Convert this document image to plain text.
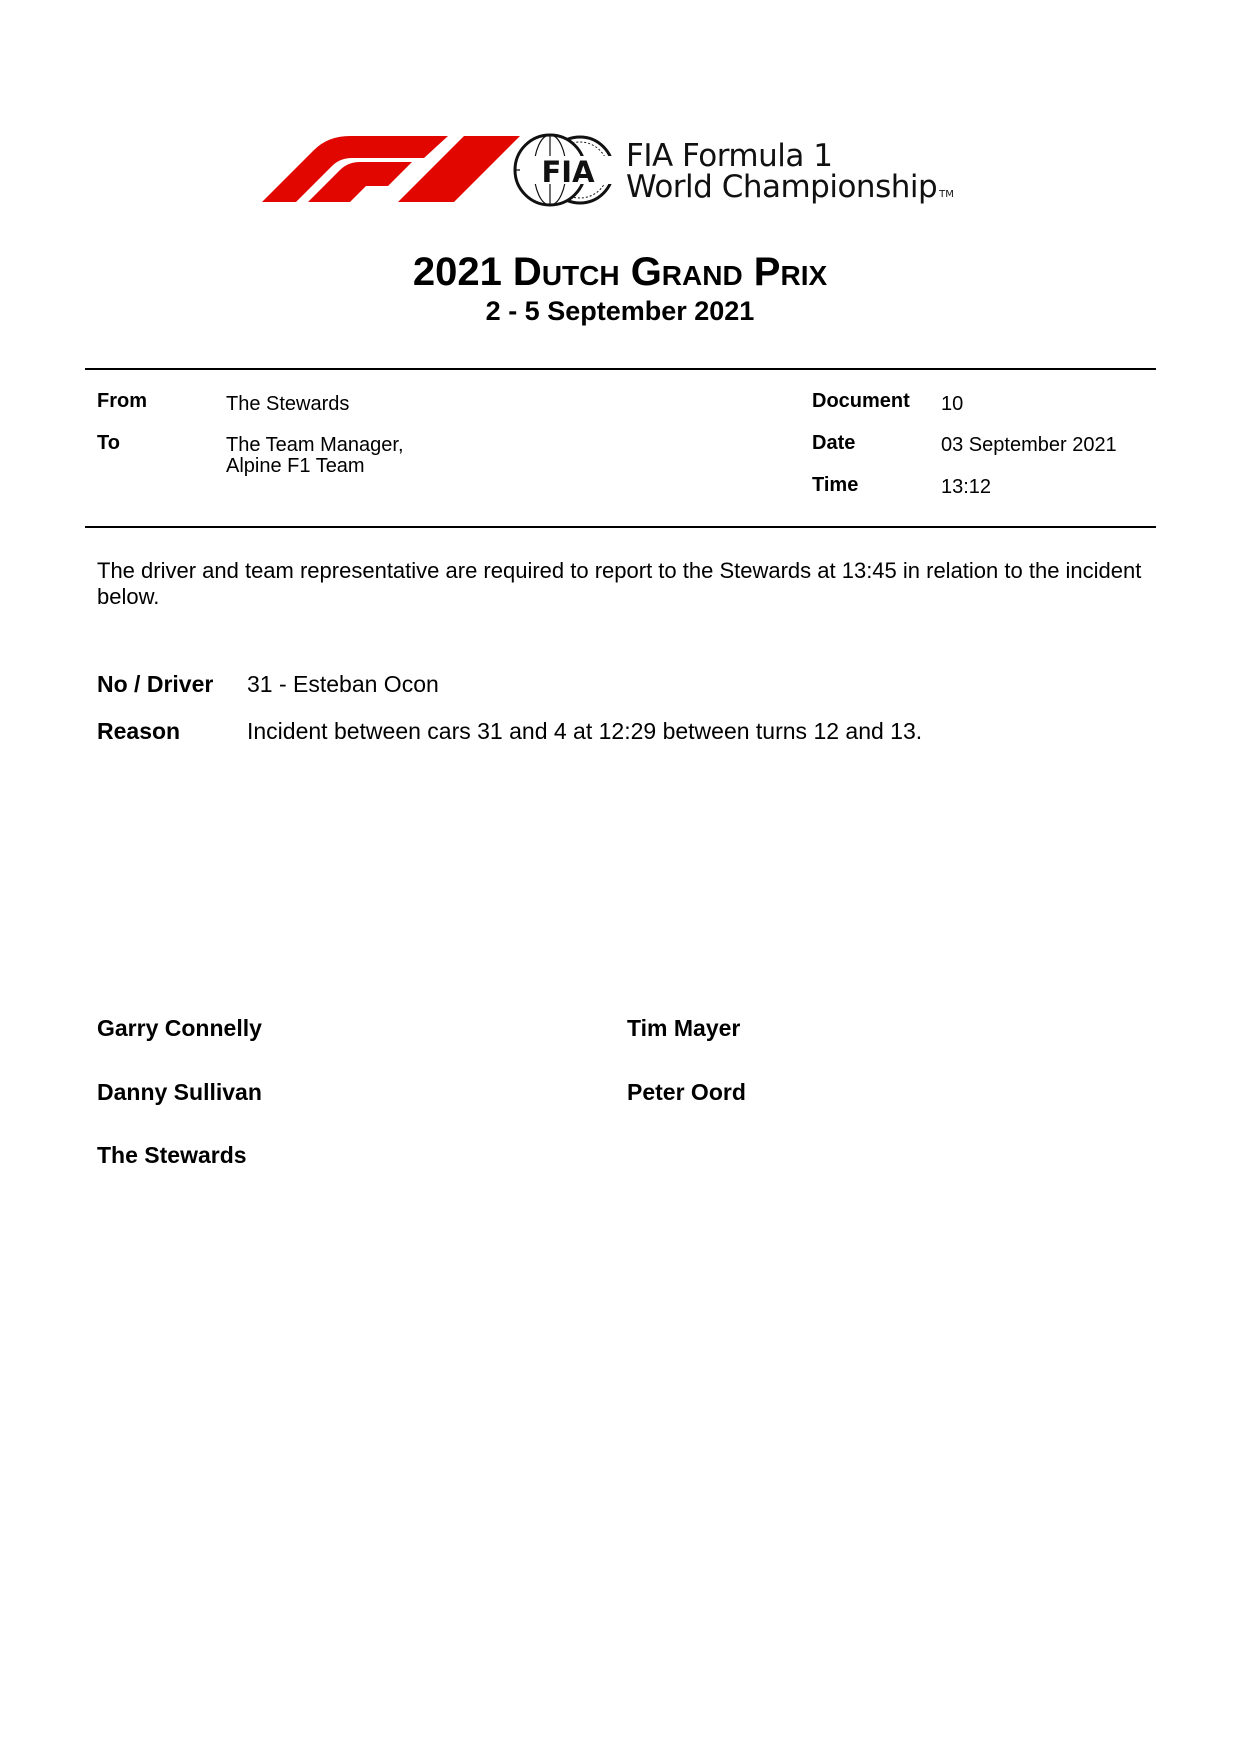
FIA FIA Formula 1
World Championship TM
2021 Dutch Grand Prix
2 - 5 September 2021
From	The Stewards
To	The Team Manager,
Alpine F1 Team
Document 10
Date	03 September 2021
Time	13:12
The driver and team representative are required to report to the Stewards at 13:45 in relation to the incident below.
No / Driver 31 - Esteban Ocon
Reason	Incident between cars 31 and 4 at 12:29 between turns 12 and 13.
Garry Connelly	Tim Mayer
Danny Sullivan	Peter Oord
The Stewards
